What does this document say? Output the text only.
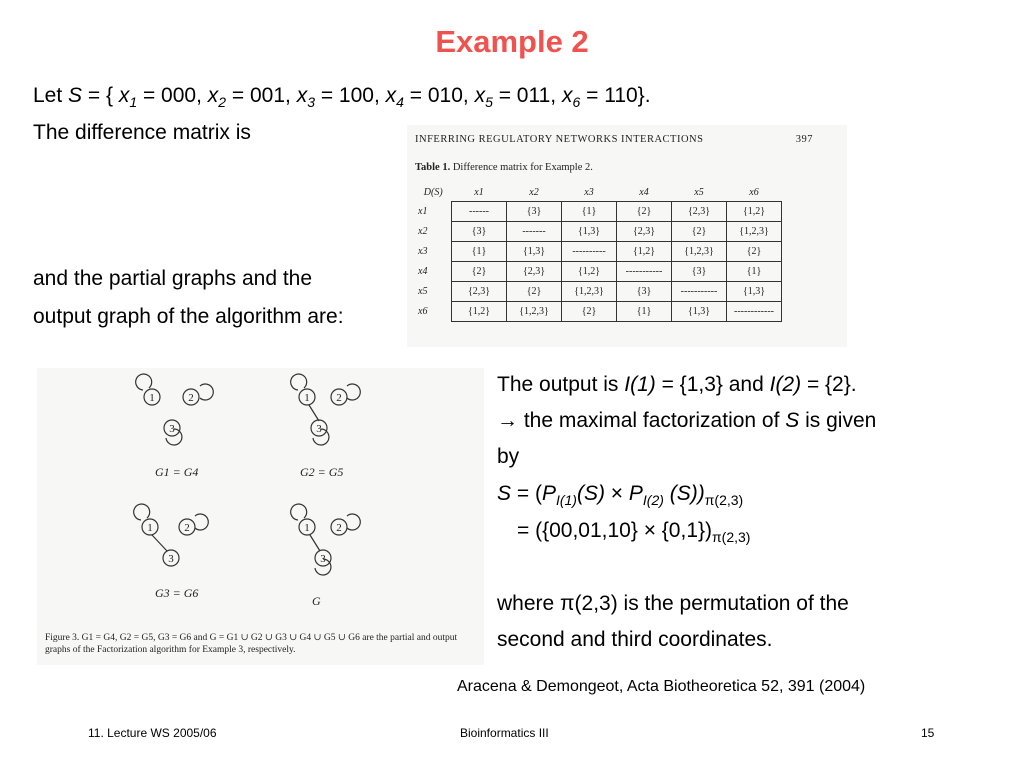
Example 2
Let S = { $x_1 = 000$, $x_2 = 001$, $x_3 = 100$, $x_4 = 010$, $x_5 = 011$, $x_6 = 110$}.
The difference matrix is
and the partial graphs and the
output graph of the algorithm are:
INFERRING REGULATORY NETWORKS INTERACTIONS	397
Table 1. Difference matrix for Example 2.
D(S)	x1	x2	x3	x4	x5	x6
x1	------	{3}	{1}	{2}	{2,3}	{1,2}
x2	{3}	-------	{1,3}	{2,3}	{2}	{1,2,3}
x3	{1}	{1,3}	----------	{1,2}	{1,2,3}	{2}
x4	{2}	{2,3}	{1,2}	-----------	{3}	{1}
x5	{2,3}	{2}	{1,2,3}	{3}	-----------	{1,3}
x6	{1,2}	{1,2,3}	{2}	{1}	{1,3}	------------
1	2
3
1 2
3
1	2
3
1 2
3
G1 = G4	G2 = G5
G3 = G6
G
Figure 3. G1 = G4, G2 = G5, G3 = G6 and G = G1 ∪ G2 ∪ G3 ∪ G4 ∪ G5 ∪ G6 are the partial and output graphs of the Factorization algorithm for Example 3, respectively.
The output is I(1) = {1,3} and I(2) = {2}.
→ the maximal factorization of S is given
by
$S = (P_{I(1)}(S) \times P_{I(2)}$ $(S))_{\pi(2,3)}$
= $(\{00,01,10\} \times \{0,1\})_{\pi(2,3)}$
where π(2,3) is the permutation of the
second and third coordinates.
Aracena & Demongeot, Acta Biotheoretica 52, 391 (2004)
11. Lecture WS 2005/06	Bioinformatics III	15
